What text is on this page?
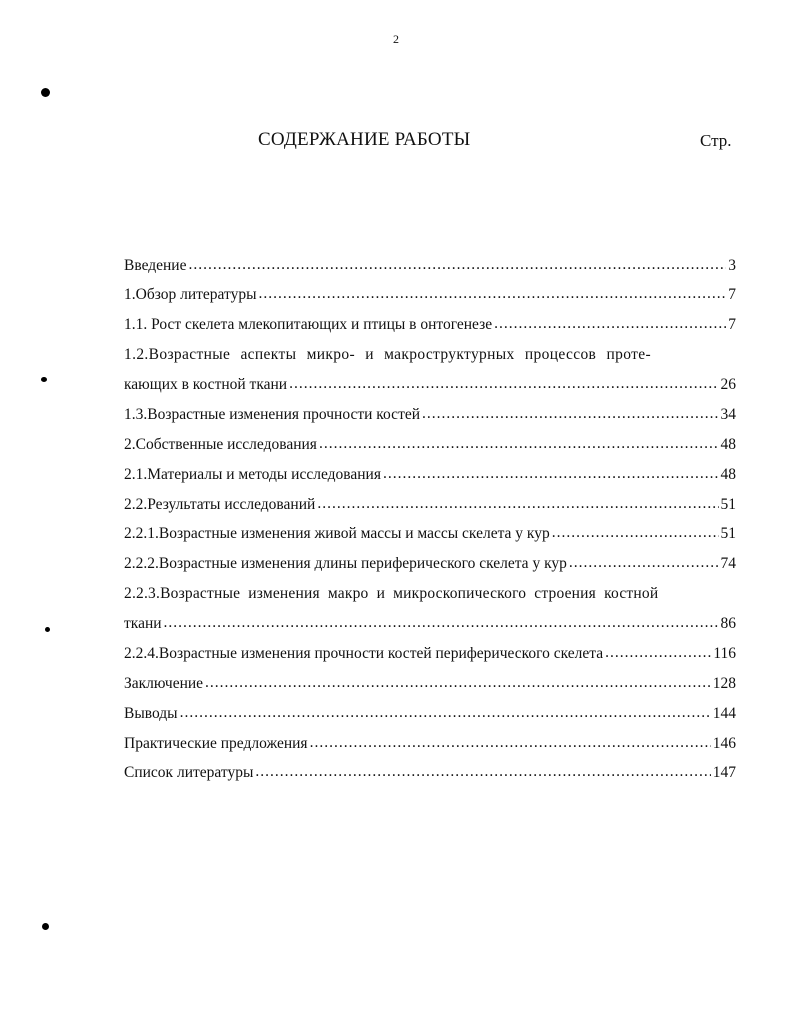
2
СОДЕРЖАНИЕ РАБОТЫ	Стр.
Введение .....	3
1.Обзор литературы .....	7
1.1. Рост скелета млекопитающих и птицы в онтогенезе .....	7
1.2.Возрастные аспекты микро- и макроструктурных процессов проте-
кающих в костной ткани .....	26
1.3.Возрастные изменения прочности костей .....	34
2.Собственные исследования .....	48
2.1.Материалы и методы исследования .....	48
2.2.Результаты исследований .....	51
2.2.1.Возрастные изменения живой массы и массы скелета у кур .....	51
2.2.2.Возрастные изменения длины периферического скелета у кур .....	74
2.2.3.Возрастные изменения макро и микроскопического строения костной
ткани .....	86
2.2.4.Возрастные изменения прочности костей периферического скелета .....	116
Заключение .....	128
Выводы .....	144
Практические предложения .....	146
Список литературы .....	147
